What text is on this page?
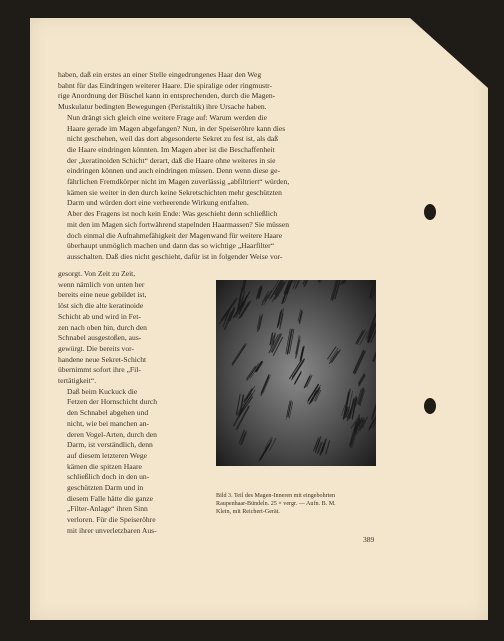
haben, daß ein erstes an einer Stelle eingedrungenes Haar den Weg
bahnt für das Eindringen weiterer Haare. Die spiralige oder ringmustr-
rige Anordnung der Büschel kann in entsprechenden, durch die Magen-
Muskulatur bedingten Bewegungen (Peristaltik) ihre Ursache haben.

Nun drängt sich gleich eine weitere Frage auf: Warum werden die
Haare gerade im Magen abgefangen? Nun, in der Speiseröhre kann dies
nicht geschehen, weil das dort abgesonderte Sekret zu fest ist, als daß
die Haare eindringen könnten. Im Magen aber ist die Beschaffenheit
der „keratinoiden Schicht“ derart, daß die Haare ohne weiteres in sie
eindringen können und auch eindringen müssen. Denn wenn diese ge-
fährlichen Fremdkörper nicht im Magen zuverlässig „abfiltriert“ würden,
kämen sie weiter in den durch keine Sekretschichten mehr geschützten
Darm und würden dort eine verheerende Wirkung entfalten.

Aber des Fragens ist noch kein Ende: Was geschieht denn schließlich
mit den im Magen sich fortwährend stapelnden Haarmassen? Sie müssen
doch einmal die Aufnahmefähigkeit der Magenwand für weitere Haare
überhaupt unmöglich machen und dann das so wichtige „Haarfilter“
ausschalten. Daß dies nicht geschieht, dafür ist in folgender Weise vor-

gesorgt. Von Zeit zu Zeit,
wenn nämlich von unten her
bereits eine neue gebildet ist,
löst sich die alte keratinoide
Schicht ab und wird in Fet-
zen nach oben hin, durch den
Schnabel ausgestoßen, aus-
gewürgt. Die bereits vor-
handene neue Sekret-Schicht
übernimmt sofort ihre „Fil-
tertätigkeit“.

Daß beim Kuckuck die
Fetzen der Hornschicht durch
den Schnabel abgehen und
nicht, wie bei manchen an-
deren Vogel-Arten, durch den
Darm, ist verständlich, denn
auf diesem letzteren Wege
kämen die spitzen Haare
schließlich doch in den un-
geschützten Darm und in
diesem Falle hätte die ganze
„Filter-Anlage“ ihren Sinn
verloren. Für die Speiseröhre
mit ihrer unverletzbaren Aus-

Bild 3. Teil des Magen-Inneren mit eingebohrten
Raupenhaar-Bündeln. 25 × vergr. — Aufn. B. M.
Klein, mit Reichert-Gerät.
389
